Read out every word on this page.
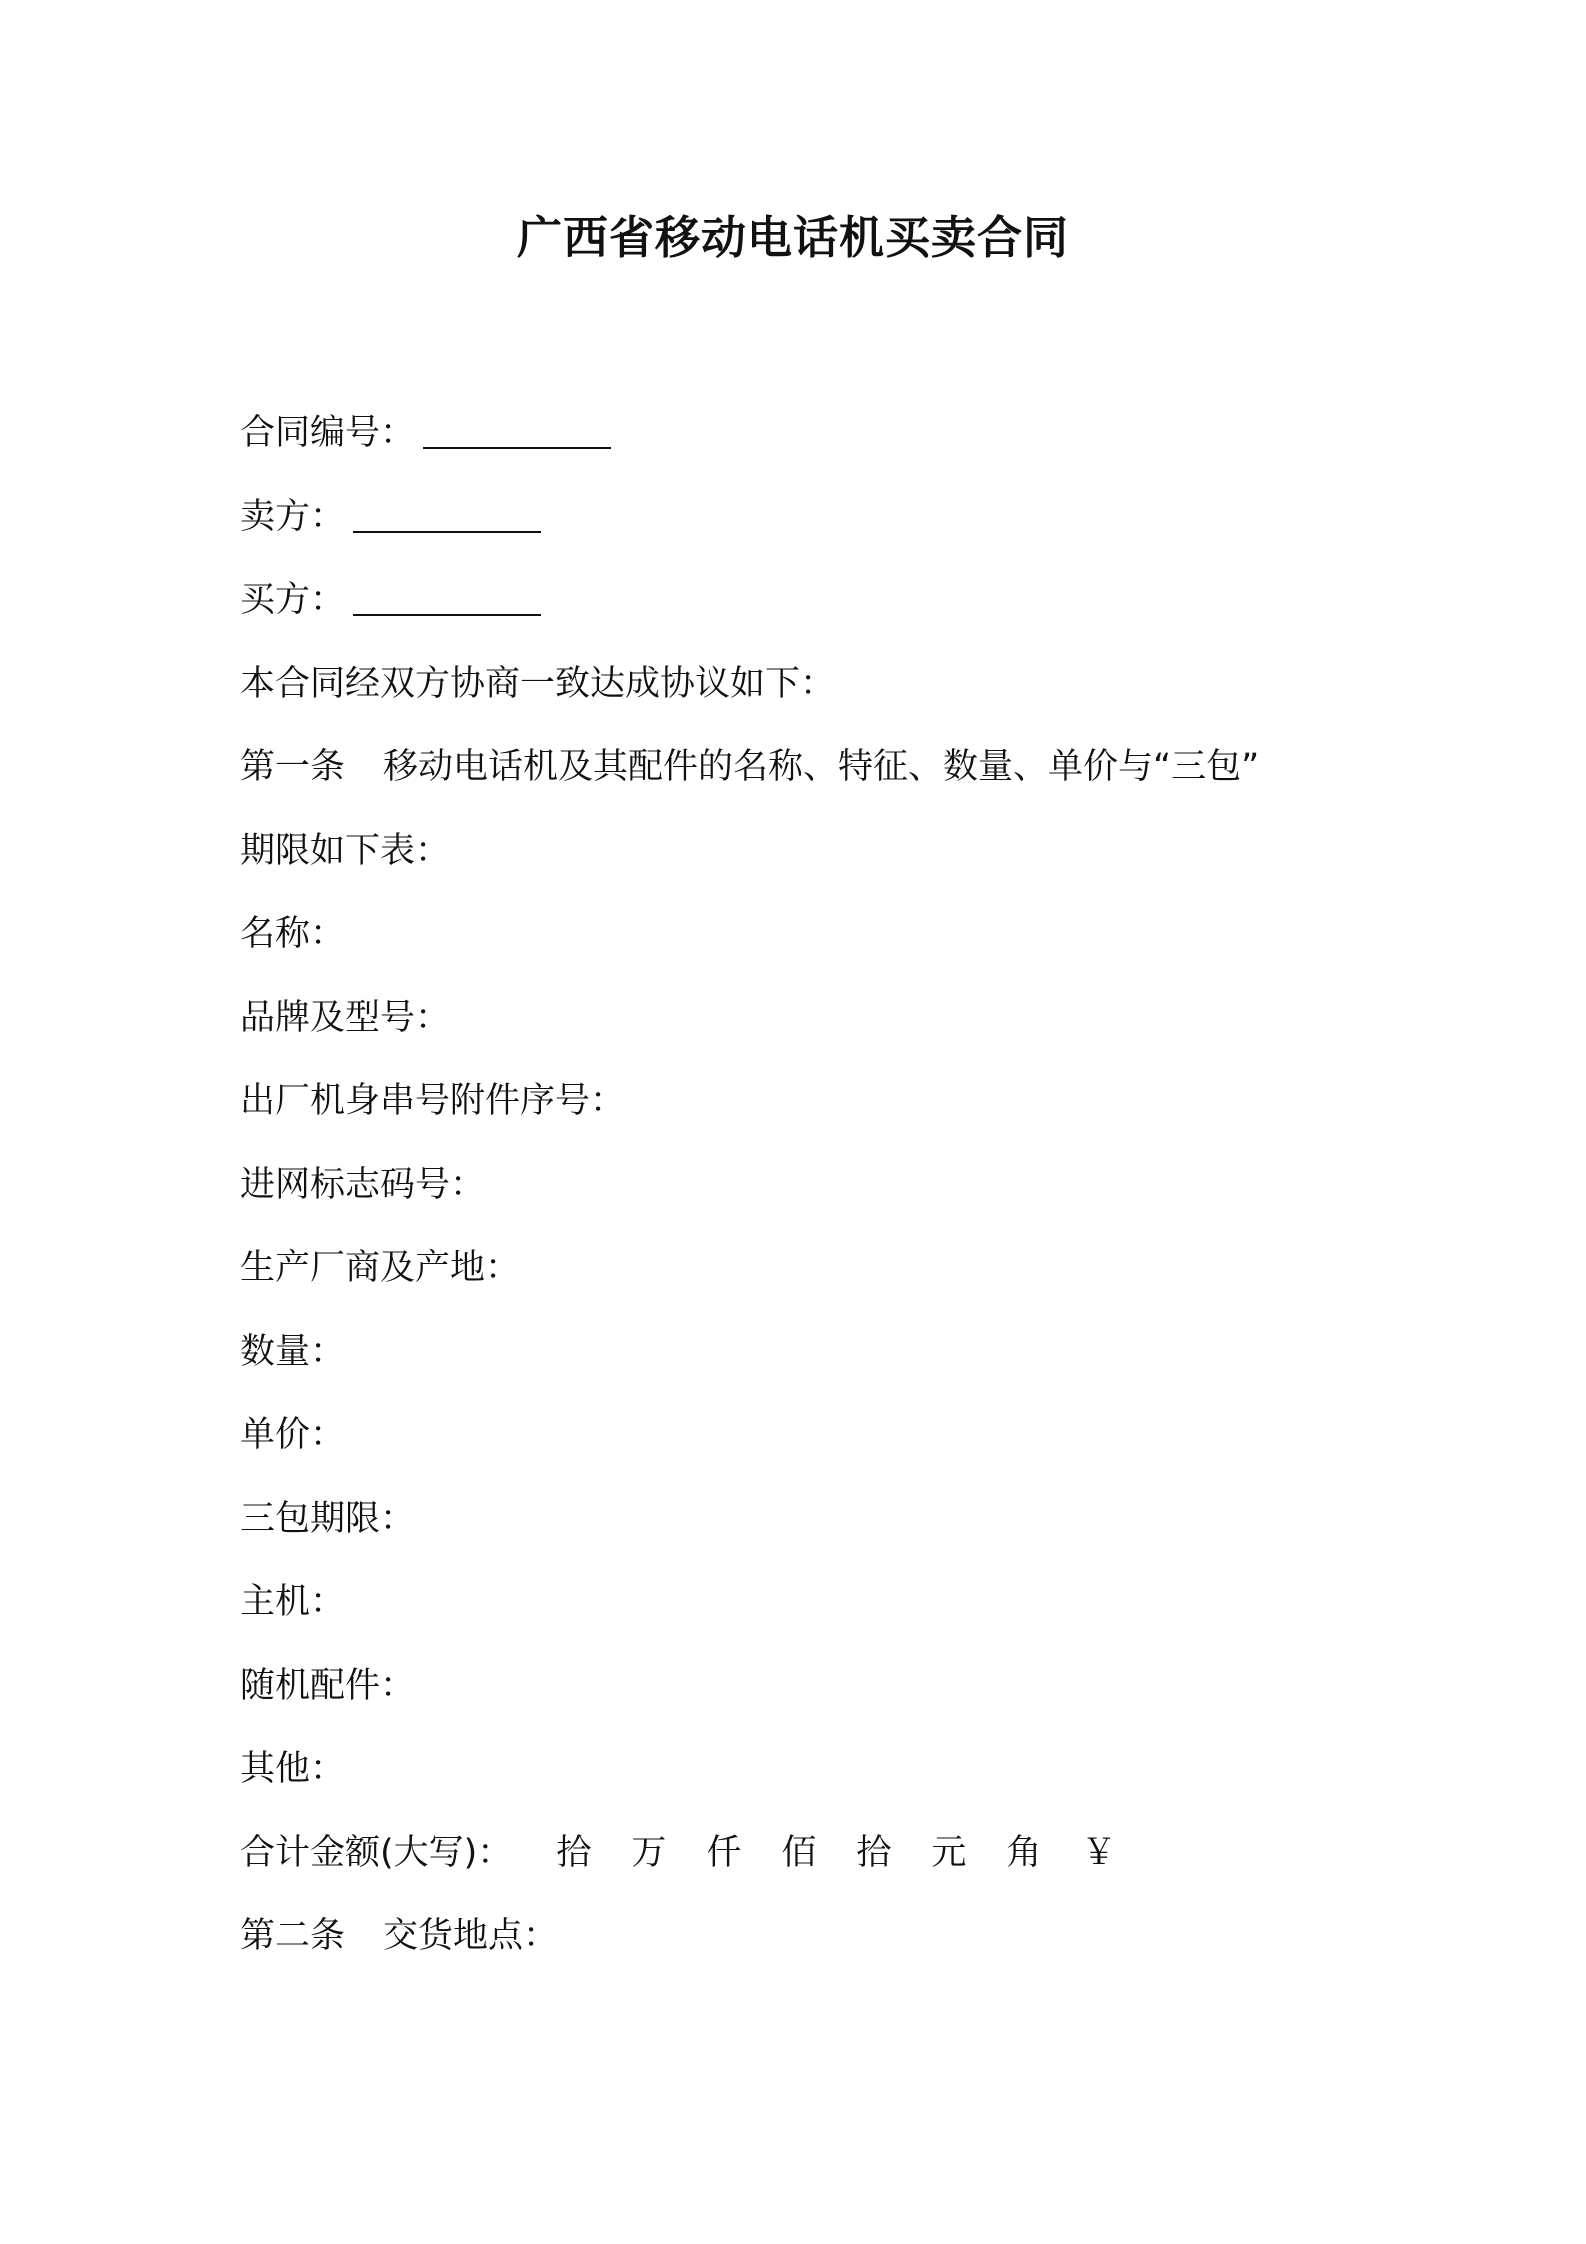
广西省移动电话机买卖合同
合同编号：
卖方：
买方：
本合同经双方协商一致达成协议如下：
第一条 移动电话机及其配件的名称、特征、数量、单价与“三包”
期限如下表：
名称：
品牌及型号：
出厂机身串号附件序号：
进网标志码号：
生产厂商及产地：
数量：
单价：
三包期限：
主机：
随机配件：
其他：
合计金额(大写)： 拾 万 仟 佰 拾 元 角 ￥
第二条 交货地点：
